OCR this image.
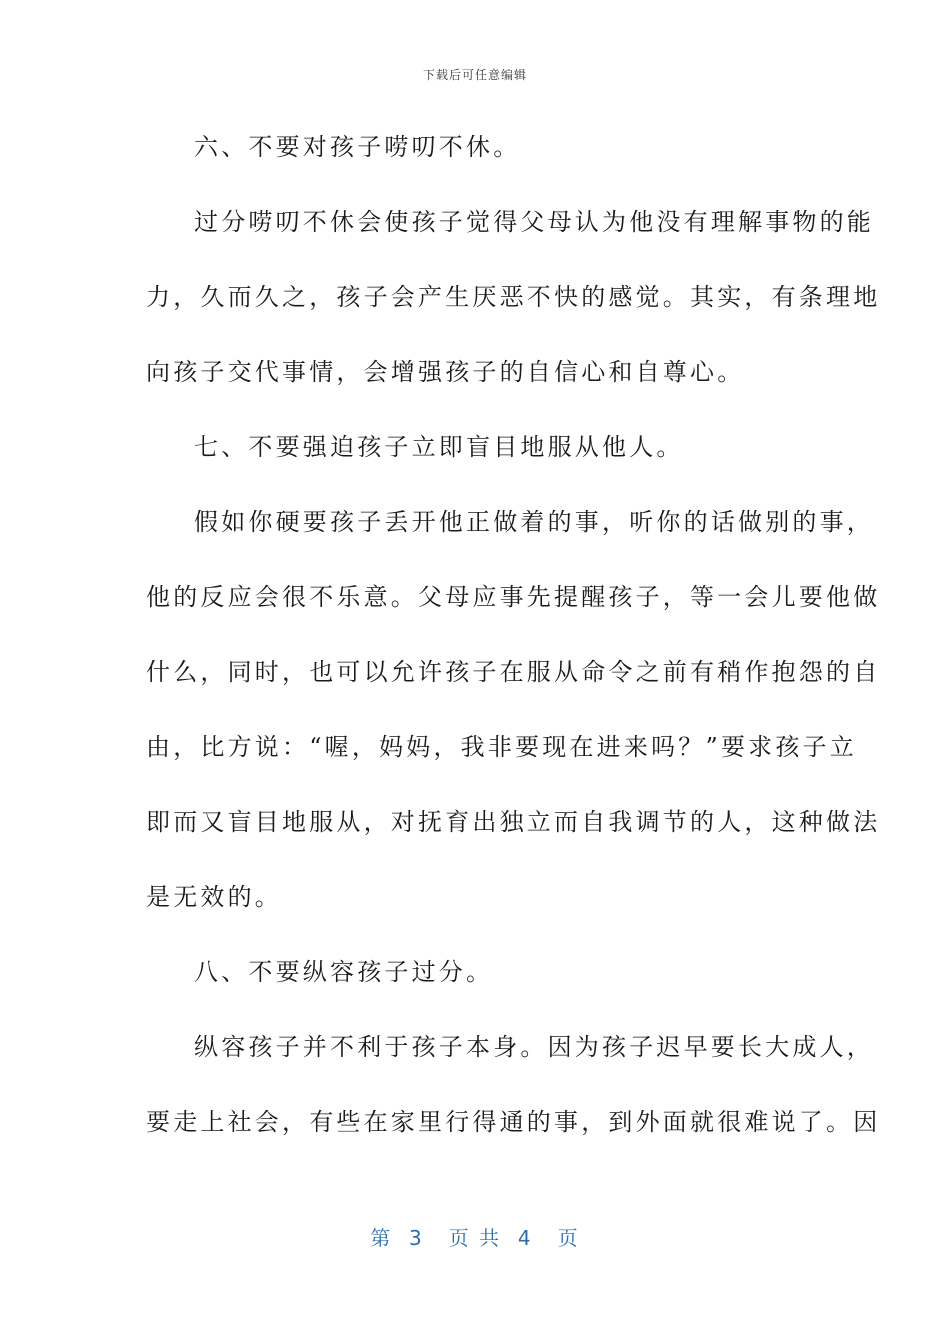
下载后可任意编辑
六、不要对孩子唠叨不休。
过分唠叨不休会使孩子觉得父母认为他没有理解事物的能
力，久而久之，孩子会产生厌恶不快的感觉。其实，有条理地
向孩子交代事情，会增强孩子的自信心和自尊心。
七、不要强迫孩子立即盲目地服从他人。
假如你硬要孩子丢开他正做着的事，听你的话做别的事，
他的反应会很不乐意。父母应事先提醒孩子，等一会儿要他做
什么，同时，也可以允许孩子在服从命令之前有稍作抱怨的自
由，比方说：“喔，妈妈，我非要现在进来吗？”要求孩子立
即而又盲目地服从，对抚育出独立而自我调节的人，这种做法
是无效的。
八、不要纵容孩子过分。
纵容孩子并不利于孩子本身。因为孩子迟早要长大成人，
要走上社会，有些在家里行得通的事，到外面就很难说了。因
第  3   页 共  4   页
